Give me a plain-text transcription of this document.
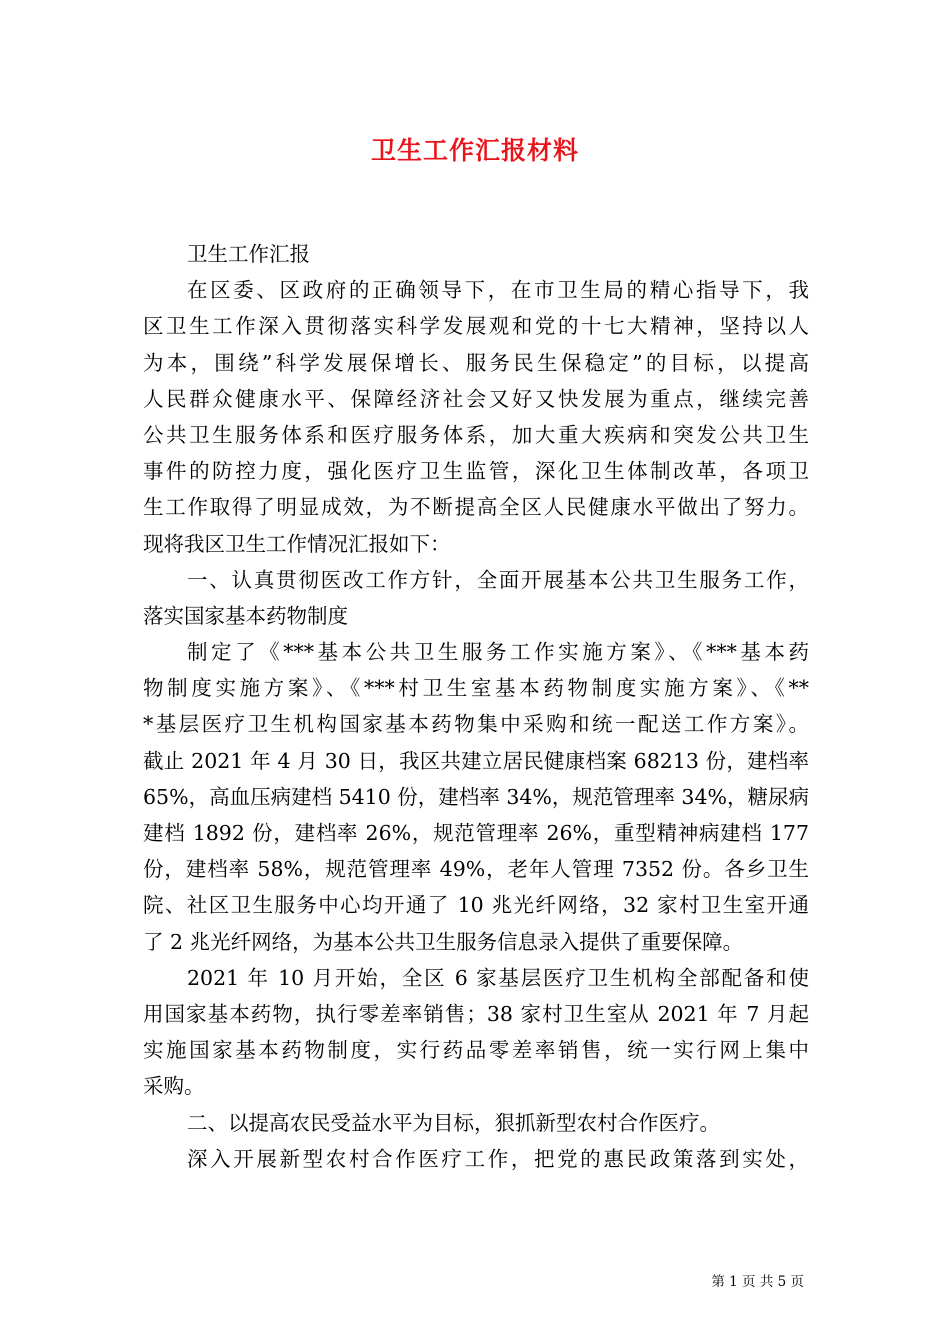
卫生工作汇报材料
卫生工作汇报
在区委、区政府的正确领导下，在市卫生局的精心指导下，我
区卫生工作深入贯彻落实科学发展观和党的十七大精神，坚持以人
为本，围绕”科学发展保增长、服务民生保稳定”的目标，以提高
人民群众健康水平、保障经济社会又好又快发展为重点，继续完善
公共卫生服务体系和医疗服务体系，加大重大疾病和突发公共卫生
事件的防控力度，强化医疗卫生监管，深化卫生体制改革，各项卫
生工作取得了明显成效，为不断提高全区人民健康水平做出了努力。
现将我区卫生工作情况汇报如下：
一、认真贯彻医改工作方针，全面开展基本公共卫生服务工作，
落实国家基本药物制度
制定了《***基本公共卫生服务工作实施方案》、《***基本药
物制度实施方案》、《***村卫生室基本药物制度实施方案》、《**
*基层医疗卫生机构国家基本药物集中采购和统一配送工作方案》。
截止 2021 年 4 月 30 日，我区共建立居民健康档案 68213 份，建档率
65%，高血压病建档 5410 份，建档率 34%，规范管理率 34%，糖尿病
建档 1892 份，建档率 26%，规范管理率 26%，重型精神病建档 177
份，建档率 58%，规范管理率 49%，老年人管理 7352 份。各乡卫生
院、社区卫生服务中心均开通了 10 兆光纤网络，32 家村卫生室开通
了 2 兆光纤网络，为基本公共卫生服务信息录入提供了重要保障。
2021 年 10 月开始，全区 6 家基层医疗卫生机构全部配备和使
用国家基本药物，执行零差率销售；38 家村卫生室从 2021 年 7 月起
实施国家基本药物制度，实行药品零差率销售，统一实行网上集中
采购。
二、以提高农民受益水平为目标，狠抓新型农村合作医疗。
深入开展新型农村合作医疗工作，把党的惠民政策落到实处，
第 1 页 共 5 页
